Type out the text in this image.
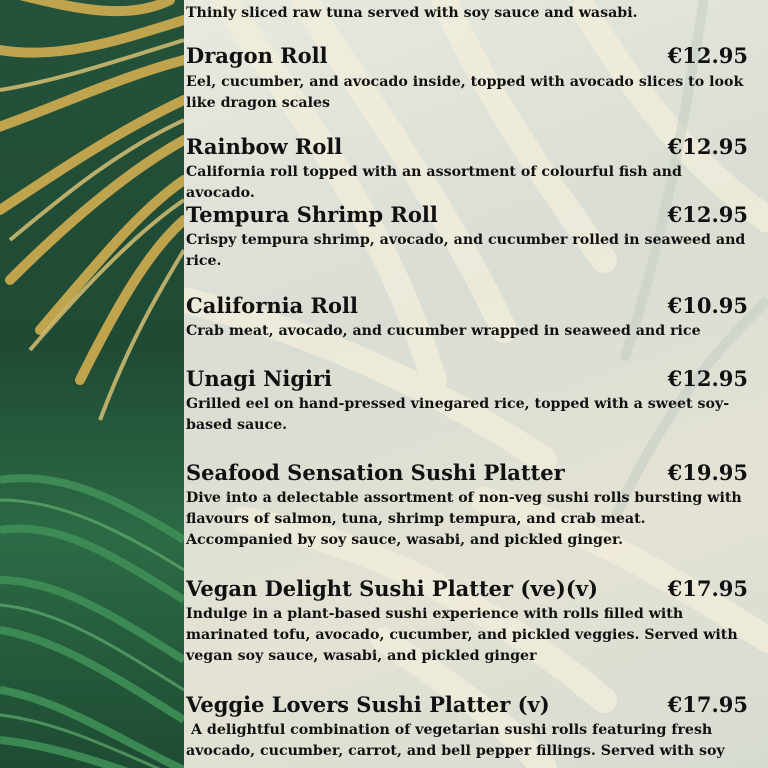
Thinly sliced raw tuna served with soy sauce and wasabi.

Dragon Roll	€12.95

Eel, cucumber, and avocado inside, topped with avocado slices to look like dragon scales

Rainbow Roll	€12.95

California roll topped with an assortment of colourful fish and avocado.

Tempura Shrimp Roll	€12.95

Crispy tempura shrimp, avocado, and cucumber rolled in seaweed and rice.

California Roll	€10.95

Crab meat, avocado, and cucumber wrapped in seaweed and rice

Unagi Nigiri	€12.95

Grilled eel on hand-pressed vinegared rice, topped with a sweet soy-based sauce.

Seafood Sensation Sushi Platter	€19.95

Dive into a delectable assortment of non-veg sushi rolls bursting with flavours of salmon, tuna, shrimp tempura, and crab meat. Accompanied by soy sauce, wasabi, and pickled ginger.

Vegan Delight Sushi Platter (ve)(v)	€17.95

Indulge in a plant-based sushi experience with rolls filled with marinated tofu, avocado, cucumber, and pickled veggies. Served with vegan soy sauce, wasabi, and pickled ginger

Veggie Lovers Sushi Platter (v)	€17.95

A delightful combination of vegetarian sushi rolls featuring fresh avocado, cucumber, carrot, and bell pepper fillings. Served with soy
